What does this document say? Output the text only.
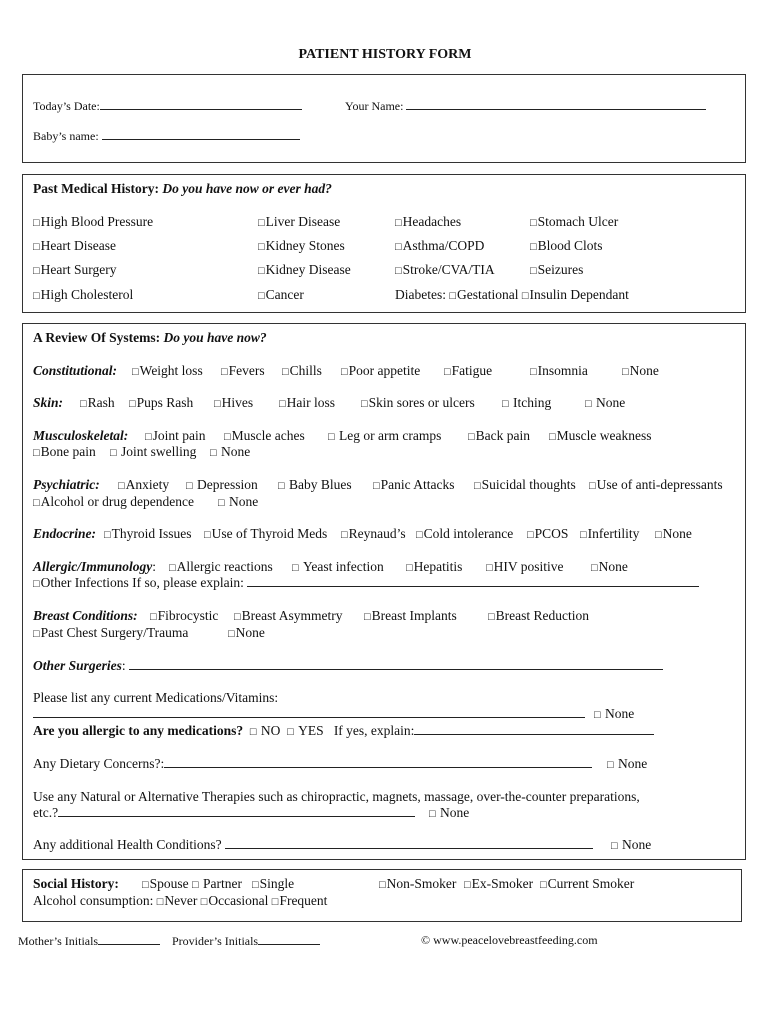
PATIENT HISTORY FORM
Today’s Date:	Your Name:
Baby’s name:
Past Medical History: Do you have now or ever had?
□ High Blood Pressure	□ Liver Disease	□ Headaches	□ Stomach Ulcer
□ Heart Disease	□ Kidney Stones	□ Asthma/COPD	□ Blood Clots
□ Heart Surgery	□ Kidney Disease	□ Stroke/CVA/TIA	□ Seizures
□ High Cholesterol	□ Cancer	Diabetes: □ Gestational □ Insulin Dependant
A Review Of Systems: Do you have now?
Constitutional:	□ Weight loss	□ Fevers	□ Chills	□ Poor appetite	□ Fatigue	□ Insomnia	□ None
Skin:	□ Rash	□ Pups Rash	□ Hives	□ Hair loss	□ Skin sores or ulcers	□ Itching	□ None
Musculoskeletal:	□ Joint pain	□ Muscle aches	□ Leg or arm cramps	□ Back pain	□ Muscle weakness
□ Bone pain	□ Joint swelling	□ None
Psychiatric:	□ Anxiety	□ Depression	□ Baby Blues	□ Panic Attacks	□ Suicidal thoughts	□ Use of anti-depressants
□ Alcohol or drug dependence	□ None
Endocrine:	□ Thyroid Issues	□ Use of Thyroid Meds	□ Reynaud’s	□ Cold intolerance	□ PCOS	□ Infertility	□ None
Allergic/Immunology:	□ Allergic reactions	□ Yeast infection	□ Hepatitis	□ HIV positive	□ None
□ Other Infections If so, please explain:
Breast Conditions:	□ Fibrocystic	□ Breast Asymmetry	□ Breast Implants	□ Breast Reduction
□ Past Chest Surgery/Trauma	□ None
Other Surgeries:
Please list any current Medications/Vitamins:
□ None
Are you allergic to any medications? □ NO □ YES If yes, explain:
Any Dietary Concerns?:	□ None
Use any Natural or Alternative Therapies such as chiropractic, magnets, massage, over-the-counter preparations,
etc.?	□ None
Any additional Health Conditions?	□ None
Social History:	□ Spouse	□ Partner	□ Single	□ Non-Smoker	□ Ex-Smoker	□ Current Smoker
Alcohol consumption: □ Never □ Occasional □ Frequent
Mother’s Initials	Provider’s Initials	© www.peacelovebreastfeeding.com
